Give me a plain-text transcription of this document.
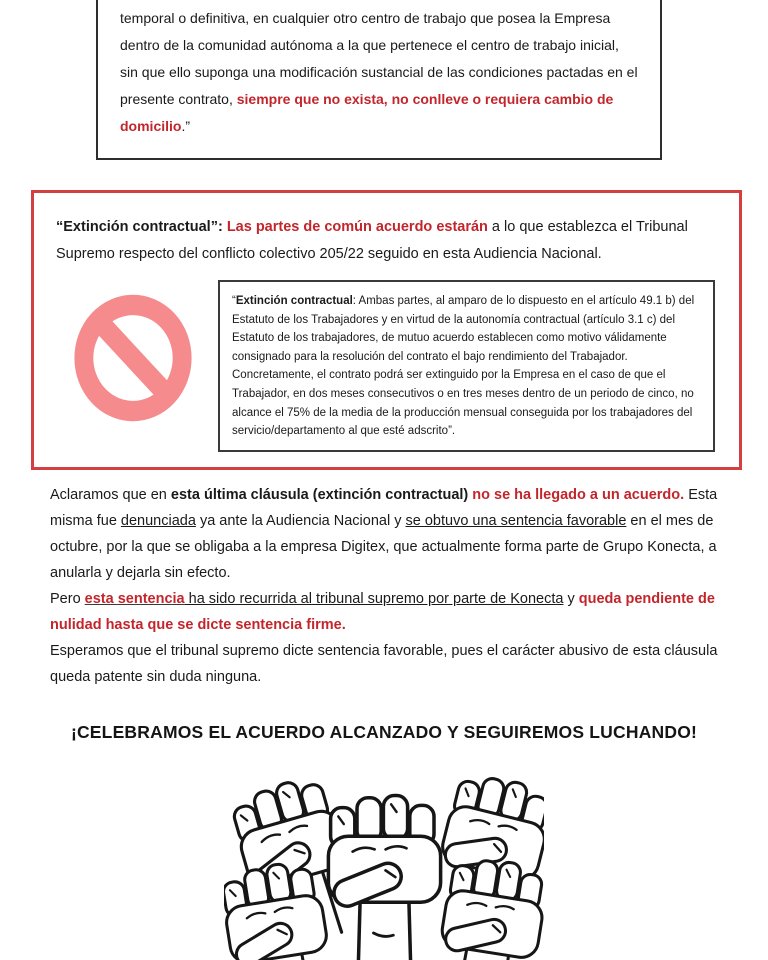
temporal o definitiva, en cualquier otro centro de trabajo que posea la Empresa dentro de la comunidad autónoma a la que pertenece el centro de trabajo inicial, sin que ello suponga una modificación sustancial de las condiciones pactadas en el presente contrato, siempre que no exista, no conlleve o requiera cambio de domicilio.”

“Extinción contractual”: Las partes de común acuerdo estarán a lo que establezca el Tribunal Supremo respecto del conflicto colectivo 205/22 seguido en esta Audiencia Nacional.

“Extinción contractual: Ambas partes, al amparo de lo dispuesto en el artículo 49.1 b) del Estatuto de los Trabajadores y en virtud de la autonomía contractual (artículo 3.1 c) del Estatuto de los trabajadores, de mutuo acuerdo establecen como motivo válidamente consignado para la resolución del contrato el bajo rendimiento del Trabajador. Concretamente, el contrato podrá ser extinguido por la Empresa en el caso de que el Trabajador, en dos meses consecutivos o en tres meses dentro de un periodo de cinco, no alcance el 75% de la media de la producción mensual conseguida por los trabajadores del servicio/departamento al que esté adscrito”.

Aclaramos que en esta última cláusula (extinción contractual) no se ha llegado a un acuerdo. Esta misma fue denunciada ya ante la Audiencia Nacional y se obtuvo una sentencia favorable en el mes de octubre, por la que se obligaba a la empresa Digitex, que actualmente forma parte de Grupo Konecta, a anularla y dejarla sin efecto.

Pero esta sentencia ha sido recurrida al tribunal supremo por parte de Konecta y queda pendiente de nulidad hasta que se dicte sentencia firme.

Esperamos que el tribunal supremo dicte sentencia favorable, pues el carácter abusivo de esta cláusula queda patente sin duda ninguna.

¡CELEBRAMOS EL ACUERDO ALCANZADO Y SEGUIREMOS LUCHANDO!
